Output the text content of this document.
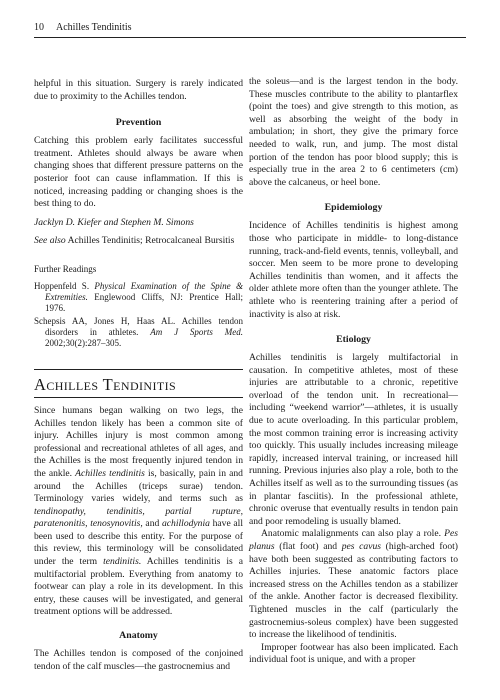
10 Achilles Tendinitis

helpful in this situation. Surgery is rarely indicated due to proximity to the Achilles tendon.

Prevention

Catching this problem early facilitates successful treatment. Athletes should always be aware when changing shoes that different pressure patterns on the posterior foot can cause inflammation. If this is noticed, increasing padding or changing shoes is the best thing to do.

Jacklyn D. Kiefer and Stephen M. Simons

See also Achilles Tendinitis; Retrocalcaneal Bursitis

Further Readings

Hoppenfeld S. Physical Examination of the Spine & Extremities. Englewood Cliffs, NJ: Prentice Hall; 1976.

Schepsis AA, Jones H, Haas AL. Achilles tendon disorders in athletes. Am J Sports Med. 2002;30(2):287–305.

Achilles Tendinitis

Since humans began walking on two legs, the Achilles tendon likely has been a common site of injury. Achilles injury is most common among professional and recreational athletes of all ages, and the Achilles is the most frequently injured tendon in the ankle. Achilles tendinitis is, basically, pain in and around the Achilles (triceps surae) tendon. Terminology varies widely, and terms such as tendinopathy, tendinitis, partial rupture, paratenonitis, tenosynovitis, and achillodynia have all been used to describe this entity. For the purpose of this review, this terminology will be consolidated under the term tendinitis. Achilles tendinitis is a multifactorial problem. Everything from anatomy to footwear can play a role in its development. In this entry, these causes will be investigated, and general treatment options will be addressed.

Anatomy

The Achilles tendon is composed of the conjoined tendon of the calf muscles—the gastrocnemius and

the soleus—and is the largest tendon in the body. These muscles contribute to the ability to plantarflex (point the toes) and give strength to this motion, as well as absorbing the weight of the body in ambulation; in short, they give the primary force needed to walk, run, and jump. The most distal portion of the tendon has poor blood supply; this is especially true in the area 2 to 6 centimeters (cm) above the calcaneus, or heel bone.

Epidemiology

Incidence of Achilles tendinitis is highest among those who participate in middle- to long-distance running, track-and-field events, tennis, volleyball, and soccer. Men seem to be more prone to developing Achilles tendinitis than women, and it affects the older athlete more often than the younger athlete. The athlete who is reentering training after a period of inactivity is also at risk.

Etiology

Achilles tendinitis is largely multifactorial in causation. In competitive athletes, most of these injuries are attributable to a chronic, repetitive overload of the tendon unit. In recreational—including “weekend warrior”—athletes, it is usually due to acute overloading. In this particular problem, the most common training error is increasing activity too quickly. This usually includes increasing mileage rapidly, increased interval training, or increased hill running. Previous injuries also play a role, both to the Achilles itself as well as to the surrounding tissues (as in plantar fasciitis). In the professional athlete, chronic overuse that eventually results in tendon pain and poor remodeling is usually blamed.

Anatomic malalignments can also play a role. Pes planus (flat foot) and pes cavus (high-arched foot) have both been suggested as contributing factors to Achilles injuries. These anatomic factors place increased stress on the Achilles tendon as a stabilizer of the ankle. Another factor is decreased flexibility. Tightened muscles in the calf (particularly the gastrocnemius-soleus complex) have been suggested to increase the likelihood of tendinitis.

Improper footwear has also been implicated. Each individual foot is unique, and with a proper
